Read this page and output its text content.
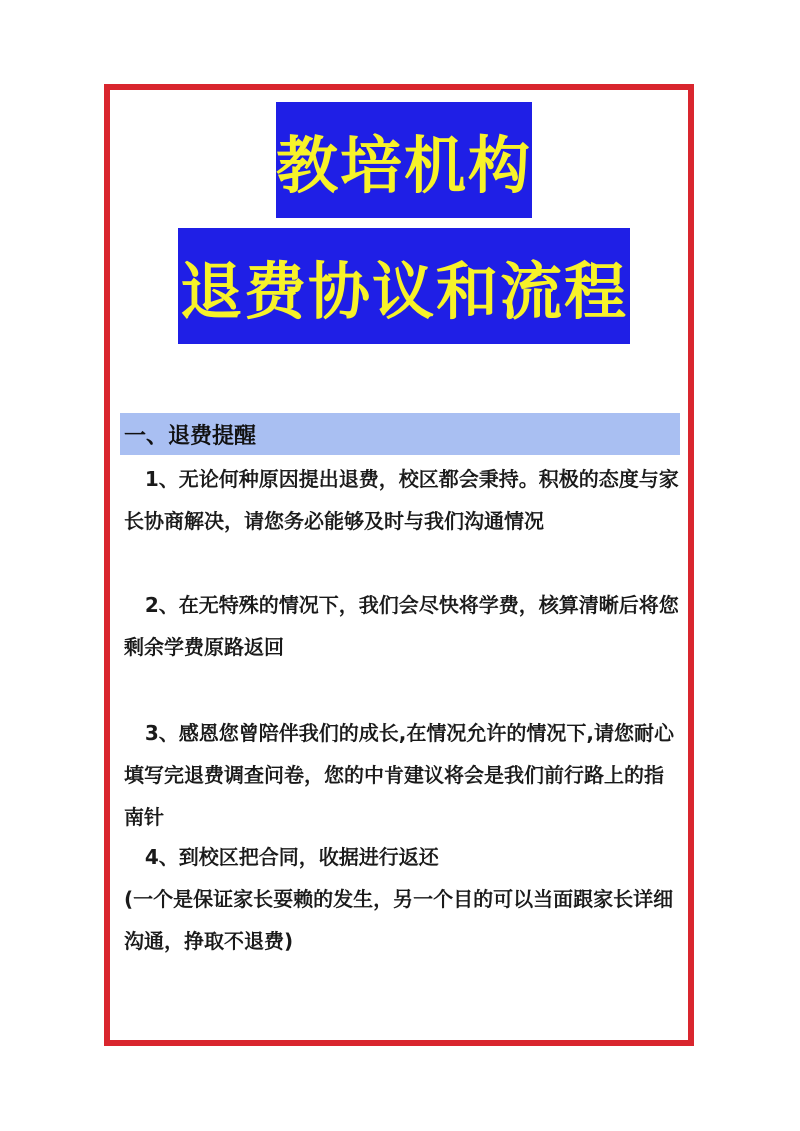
教培机构
退费协议和流程
一、退费提醒
1、无论何种原因提出退费，校区都会秉持。积极的态度与家长协商解决，请您务必能够及时与我们沟通情况
2、在无特殊的情况下，我们会尽快将学费，核算清晰后将您剩余学费原路返回
3、感恩您曾陪伴我们的成长,在情况允许的情况下,请您耐心填写完退费调查问卷，您的中肯建议将会是我们前行路上的指南针
4、到校区把合同，收据进行返还
(一个是保证家长耍赖的发生，另一个目的可以当面跟家长详细沟通，挣取不退费)
